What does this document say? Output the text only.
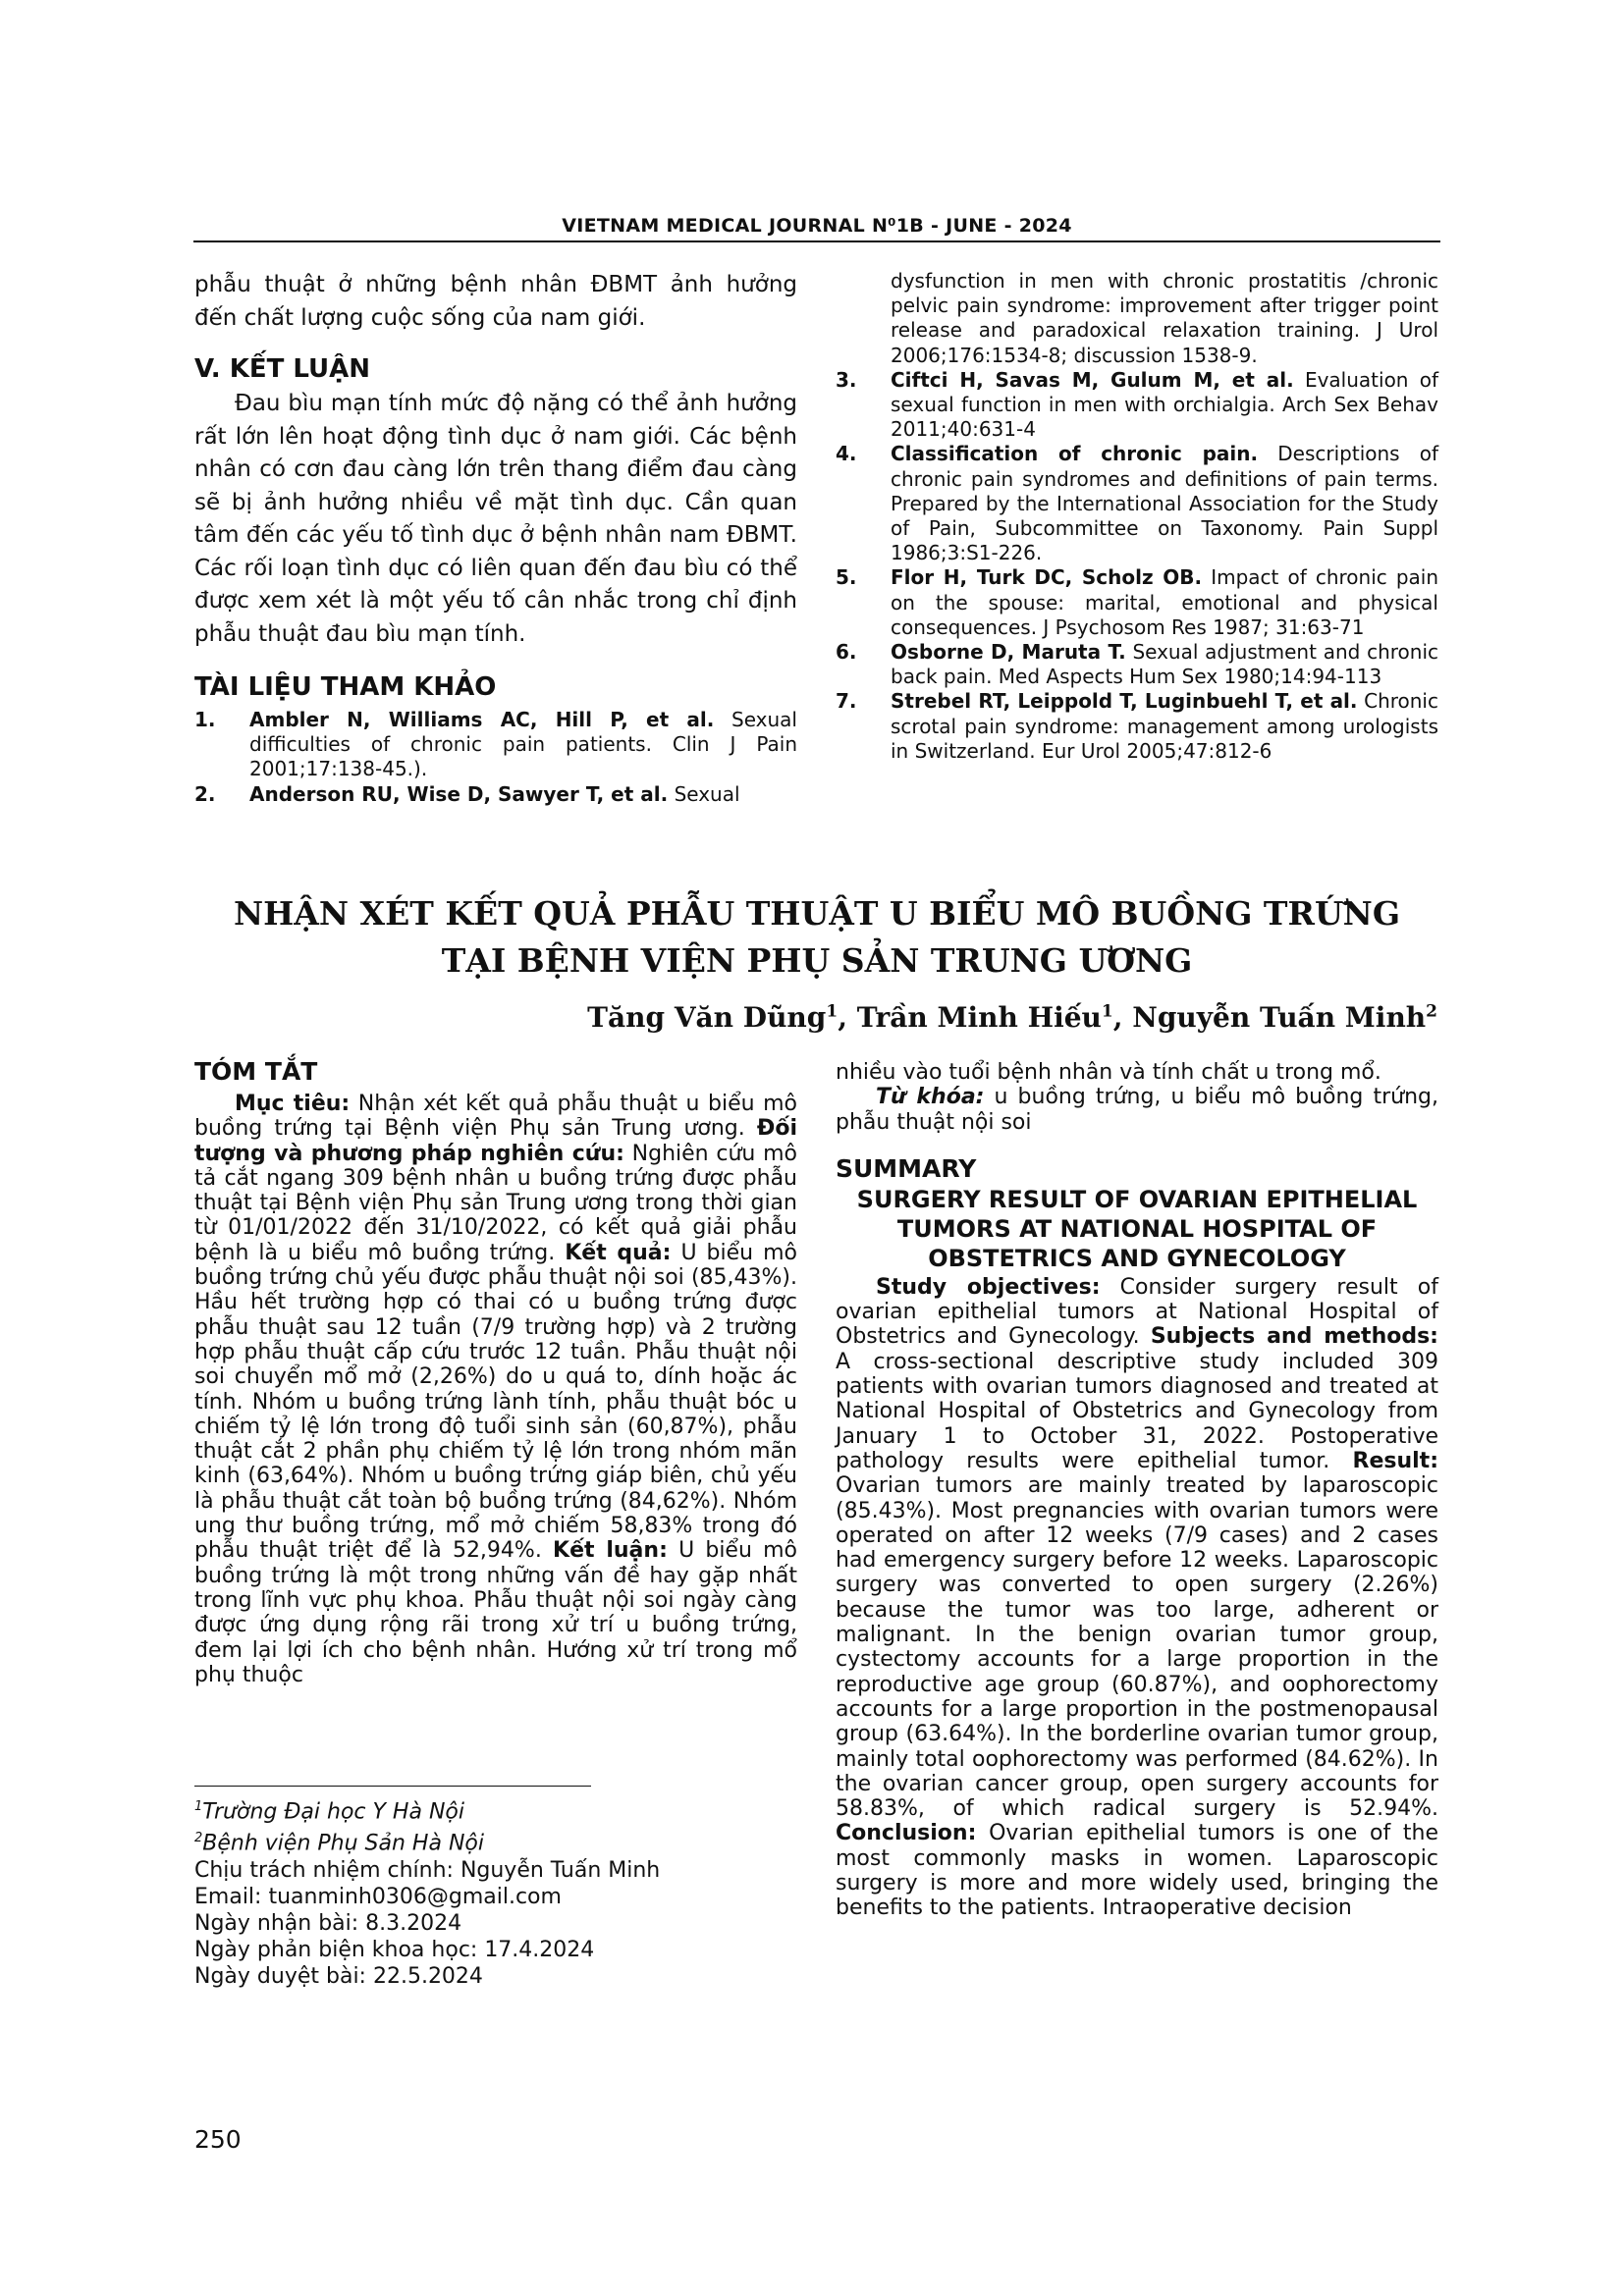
VIETNAM MEDICAL JOURNAL N⁰1B - JUNE - 2024

phẫu thuật ở những bệnh nhân ĐBMT ảnh hưởng đến chất lượng cuộc sống của nam giới.

V. KẾT LUẬN

Đau bìu mạn tính mức độ nặng có thể ảnh hưởng rất lớn lên hoạt động tình dục ở nam giới. Các bệnh nhân có cơn đau càng lớn trên thang điểm đau càng sẽ bị ảnh hưởng nhiều về mặt tình dục. Cần quan tâm đến các yếu tố tình dục ở bệnh nhân nam ĐBMT. Các rối loạn tình dục có liên quan đến đau bìu có thể được xem xét là một yếu tố cân nhắc trong chỉ định phẫu thuật đau bìu mạn tính.

TÀI LIỆU THAM KHẢO

1.	Ambler N, Williams AC, Hill P, et al. Sexual difficulties of chronic pain patients. Clin J Pain 2001;17:138-45.).
2.	Anderson RU, Wise D, Sawyer T, et al. Sexual
dysfunction in men with chronic prostatitis /chronic pelvic pain syndrome: improvement after trigger point release and paradoxical relaxation training. J Urol 2006;176:1534-8; discussion 1538-9.
3.	Ciftci H, Savas M, Gulum M, et al. Evaluation of sexual function in men with orchialgia. Arch Sex Behav 2011;40:631-4
4.	Classification of chronic pain. Descriptions of chronic pain syndromes and definitions of pain terms. Prepared by the International Association for the Study of Pain, Subcommittee on Taxonomy. Pain Suppl 1986;3:S1-226.
5.	Flor H, Turk DC, Scholz OB. Impact of chronic pain on the spouse: marital, emotional and physical consequences. J Psychosom Res 1987; 31:63-71
6.	Osborne D, Maruta T. Sexual adjustment and chronic back pain. Med Aspects Hum Sex 1980;14:94-113
7.	Strebel RT, Leippold T, Luginbuehl T, et al. Chronic scrotal pain syndrome: management among urologists in Switzerland. Eur Urol 2005;47:812-6

NHẬN XÉT KẾT QUẢ PHẪU THUẬT U BIỂU MÔ BUỒNG TRỨNG

TẠI BỆNH VIỆN PHỤ SẢN TRUNG ƯƠNG

Tăng Văn Dũng$^1$, Trần Minh Hiếu$^1$, Nguyễn Tuấn Minh$^2$

TÓM TẮT

Mục tiêu: Nhận xét kết quả phẫu thuật u biểu mô buồng trứng tại Bệnh viện Phụ sản Trung ương. Đối tượng và phương pháp nghiên cứu: Nghiên cứu mô tả cắt ngang 309 bệnh nhân u buồng trứng được phẫu thuật tại Bệnh viện Phụ sản Trung ương trong thời gian từ 01/01/2022 đến 31/10/2022, có kết quả giải phẫu bệnh là u biểu mô buồng trứng. Kết quả: U biểu mô buồng trứng chủ yếu được phẫu thuật nội soi (85,43%). Hầu hết trường hợp có thai có u buồng trứng được phẫu thuật sau 12 tuần (7/9 trường hợp) và 2 trường hợp phẫu thuật cấp cứu trước 12 tuần. Phẫu thuật nội soi chuyển mổ mở (2,26%) do u quá to, dính hoặc ác tính. Nhóm u buồng trứng lành tính, phẫu thuật bóc u chiếm tỷ lệ lớn trong độ tuổi sinh sản (60,87%), phẫu thuật cắt 2 phần phụ chiếm tỷ lệ lớn trong nhóm mãn kinh (63,64%). Nhóm u buồng trứng giáp biên, chủ yếu là phẫu thuật cắt toàn bộ buồng trứng (84,62%). Nhóm ung thư buồng trứng, mổ mở chiếm 58,83% trong đó phẫu thuật triệt để là 52,94%. Kết luận: U biểu mô buồng trứng là một trong những vấn đề hay gặp nhất trong lĩnh vực phụ khoa. Phẫu thuật nội soi ngày càng được ứng dụng rộng rãi trong xử trí u buồng trứng, đem lại lợi ích cho bệnh nhân. Hướng xử trí trong mổ phụ thuộc

nhiều vào tuổi bệnh nhân và tính chất u trong mổ.

Từ khóa: u buồng trứng, u biểu mô buồng trứng, phẫu thuật nội soi

SUMMARY

SURGERY RESULT OF OVARIAN EPITHELIAL

TUMORS AT NATIONAL HOSPITAL OF

OBSTETRICS AND GYNECOLOGY

Study objectives: Consider surgery result of ovarian epithelial tumors at National Hospital of Obstetrics and Gynecology. Subjects and methods: A cross-sectional descriptive study included 309 patients with ovarian tumors diagnosed and treated at National Hospital of Obstetrics and Gynecology from January 1 to October 31, 2022. Postoperative pathology results were epithelial tumor. Result: Ovarian tumors are mainly treated by laparoscopic (85.43%). Most pregnancies with ovarian tumors were operated on after 12 weeks (7/9 cases) and 2 cases had emergency surgery before 12 weeks. Laparoscopic surgery was converted to open surgery (2.26%) because the tumor was too large, adherent or malignant. In the benign ovarian tumor group, cystectomy accounts for a large proportion in the reproductive age group (60.87%), and oophorectomy accounts for a large proportion in the postmenopausal group (63.64%). In the borderline ovarian tumor group, mainly total oophorectomy was performed (84.62%). In the ovarian cancer group, open surgery accounts for 58.83%, of which radical surgery is 52.94%. Conclusion: Ovarian epithelial tumors is one of the most commonly masks in women. Laparoscopic surgery is more and more widely used, bringing the benefits to the patients. Intraoperative decision

$^1$Trường Đại học Y Hà Nội

$^2$Bệnh viện Phụ Sản Hà Nội

Chịu trách nhiệm chính: Nguyễn Tuấn Minh

Email: tuanminh0306@gmail.com

Ngày nhận bài: 8.3.2024

Ngày phản biện khoa học: 17.4.2024

Ngày duyệt bài: 22.5.2024

250
